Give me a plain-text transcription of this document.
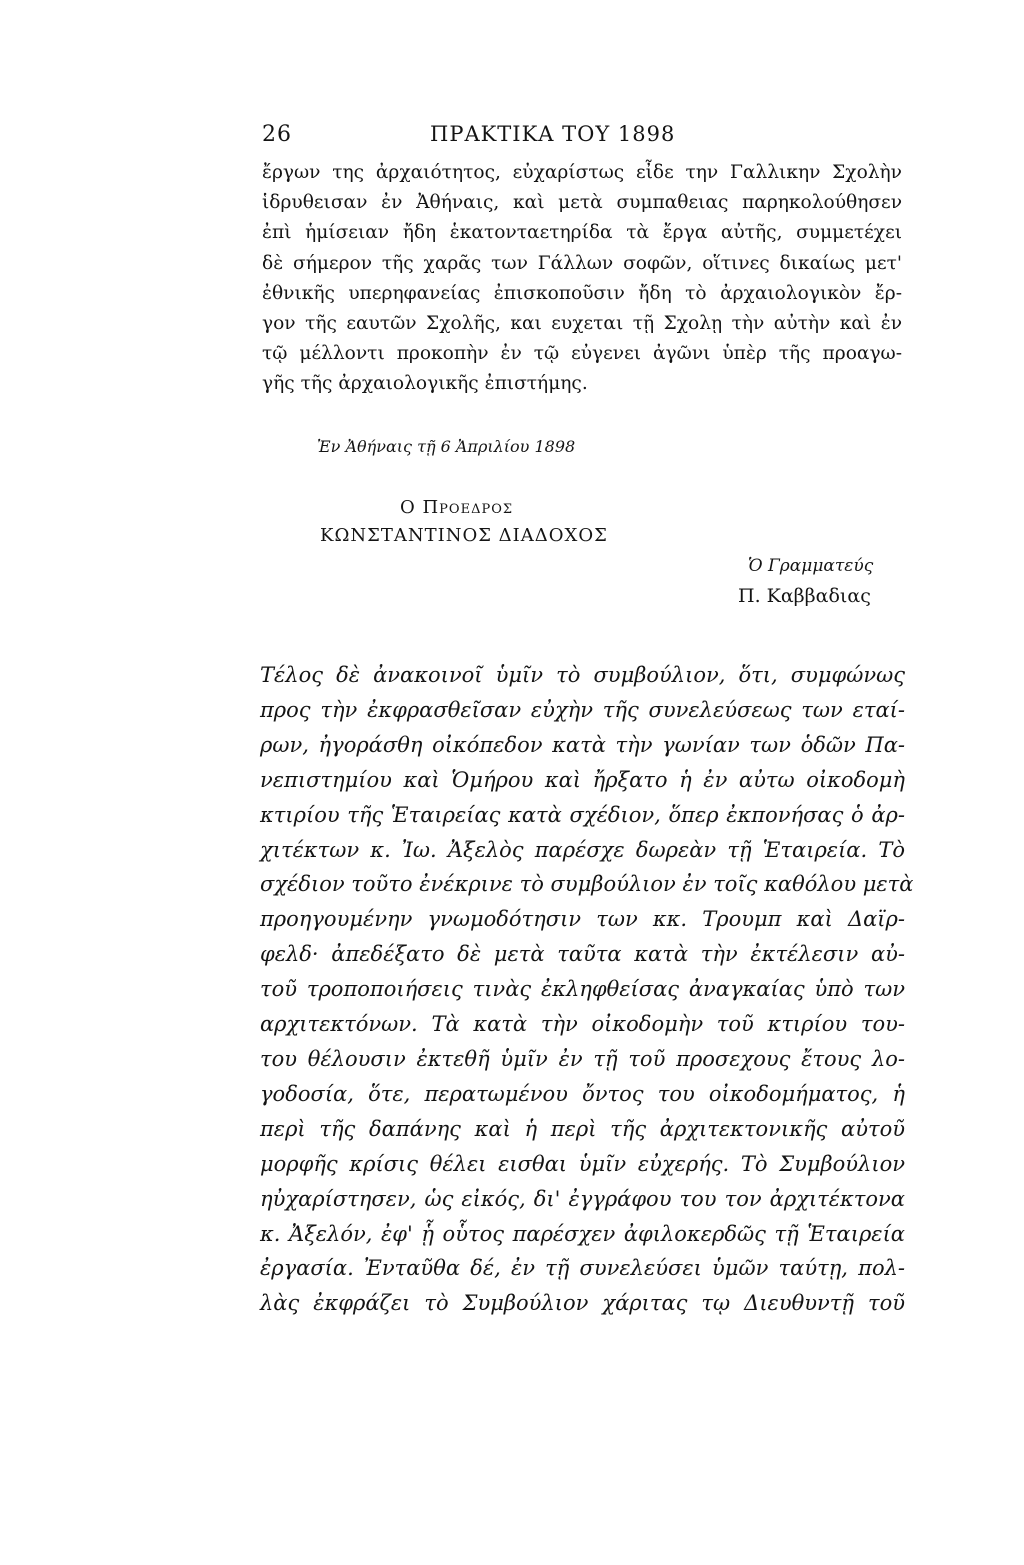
26	ΠΡΑΚΤΙΚΑ ΤΟΥ 1898
ἔργων της ἀρχαιότητος, εὐχαρίστως εἶδε την Γαλλικην Σχολὴν
ἱδρυθεισαν ἐν Ἀθήναις, καὶ μετὰ συμπαθειας παρηκολούθησεν
ἐπὶ ἡμίσειαν ἤδη ἑκατονταετηρίδα τὰ ἔργα αὐτῆς, συμμετέχει
δὲ σήμερον τῆς χαρᾶς των Γάλλων σοφῶν, οἵτινες δικαίως μετ'
ἐθνικῆς υπερηφανείας ἐπισκοποῦσιν ἤδη τὸ ἀρχαιολογικὸν ἔρ-
γον τῆς εαυτῶν Σχολῆς, και ευχεται τῇ Σχολῃ τὴν αὐτὴν καὶ ἐν
τῷ μέλλοντι προκοπὴν ἐν τῷ εὐγενει ἀγῶνι ὑπὲρ τῆς προαγω-
γῆς τῆς ἀρχαιολογικῆς ἐπιστήμης.
Ἐν Ἀθήναις τῇ 6 Ἀπριλίου 1898
Ο Προεδρος
ΚΩΝΣΤΑΝΤΙΝΟΣ ΔΙΑΔΟΧΟΣ
Ὁ Γραμματεύς
Π. Καββαδιας
Τέλος δὲ ἀνακοινοῖ ὑμῖν τὸ συμβούλιον, ὅτι, συμφώνως
προς τὴν ἐκφρασθεῖσαν εὐχὴν τῆς συνελεύσεως των εταί-
ρων, ἠγοράσθη οἰκόπεδον κατὰ τὴν γωνίαν των ὁδῶν Πα-
νεπιστημίου καὶ Ὁμήρου καὶ ἤρξατο ἡ ἐν αὐτω οἰκοδομὴ
κτιρίου τῆς Ἑταιρείας κατὰ σχέδιον, ὅπερ ἐκπονήσας ὁ ἀρ-
χιτέκτων κ. Ἰω. Ἀξελὸς παρέσχε δωρεὰν τῇ Ἑταιρεία. Τὸ
σχέδιον τοῦτο ἐνέκρινε τὸ συμβούλιον ἐν τοῖς καθόλου μετὰ
προηγουμένην γνωμοδότησιν των κκ. Τρουμπ καὶ Δαϊρ-
φελδ· ἀπεδέξατο δὲ μετὰ ταῦτα κατὰ τὴν ἐκτέλεσιν αὐ-
τοῦ τροποποιήσεις τινὰς ἐκληφθείσας ἀναγκαίας ὑπὸ των
αρχιτεκτόνων. Τὰ κατὰ τὴν οἰκοδομὴν τοῦ κτιρίου του-
του θέλουσιν ἐκτεθῆ ὑμῖν ἐν τῇ τοῦ προσεχους ἔτους λο-
γοδοσία, ὅτε, περατωμένου ὄντος του οἰκοδομήματος, ἡ
περὶ τῆς δαπάνης καὶ ἡ περὶ τῆς ἀρχιτεκτονικῆς αὐτοῦ
μορφῆς κρίσις θέλει εισθαι ὑμῖν εὐχερής. Τὸ Συμβούλιον
ηὐχαρίστησεν, ὡς εἰκός, δι' ἐγγράφου του τον ἀρχιτέκτονα
κ. Ἀξελόν, ἐφ' ᾗ οὗτος παρέσχεν ἀφιλοκερδῶς τῇ Ἑταιρεία
ἐργασία. Ἐνταῦθα δέ, ἐν τῇ συνελεύσει ὑμῶν ταύτῃ, πολ-
λὰς ἐκφράζει τὸ Συμβούλιον χάριτας τῳ Διευθυντῇ τοῦ
